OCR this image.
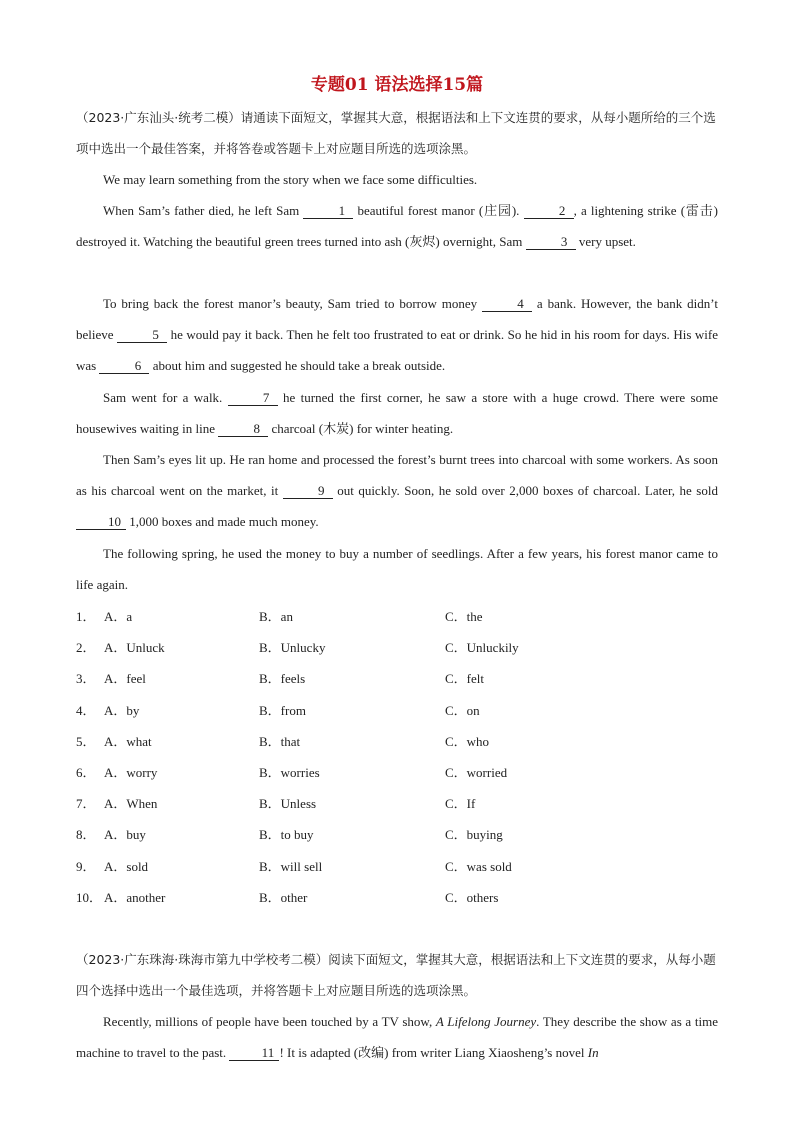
专题01 语法选择15篇

（2023·广东汕头·统考二模）请通读下面短文，掌握其大意，根据语法和上下文连贯的要求，从每小题所给的三个选项中选出一个最佳答案，并将答卷或答题卡上对应题目所选的选项涂黑。

We may learn something from the story when we face some difficulties.

When Sam’s father died, he left Sam	1 beautiful forest manor (庄园).	2 , a lightening strike (雷击) destroyed it. Watching the beautiful green trees turned into ash (灰烬) overnight, Sam	3 very upset.

To bring back the forest manor’s beauty, Sam tried to borrow money	4 a bank. However, the bank didn’t believe	5 he would pay it back. Then he felt too frustrated to eat or drink. So he hid in his room for days. His wife was	6 about him and suggested he should take a break outside.

Sam went for a walk.	7 he turned the first corner, he saw a store with a huge crowd. There were some housewives waiting in line	8 charcoal (木炭) for winter heating.

Then Sam’s eyes lit up. He ran home and processed the forest’s burnt trees into charcoal with some workers. As soon as his charcoal went on the market, it	9 out quickly. Soon, he sold over 2,000 boxes of charcoal. Later, he sold 10 1,000 boxes and made much money.

The following spring, he used the money to buy a number of seedlings. After a few years, his forest manor came to life again.

1． A．a	B．an	C．the
2． A．Unluck	B．Unlucky	C．Unluckily
3． A．feel	B．feels	C．felt
4． A．by	B．from	C．on
5． A．what	B．that	C．who
6． A．worry	B．worries	C．worried
7． A．When	B．Unless	C．If
8． A．buy	B．to buy	C．buying
9． A．sold	B．will sell	C．was sold
10． A．another	B．other	C．others

（2023·广东珠海·珠海市第九中学校考二模）阅读下面短文，掌握其大意，根据语法和上下文连贯的要求，从每小题四个选择中选出一个最佳选项，并将答题卡上对应题目所选的选项涂黑。

Recently, millions of people have been touched by a TV show, A Lifelong Journey. They describe the show as a time machine to travel to the past. 11 ! It is adapted (改编) from writer Liang Xiaosheng’s novel In
